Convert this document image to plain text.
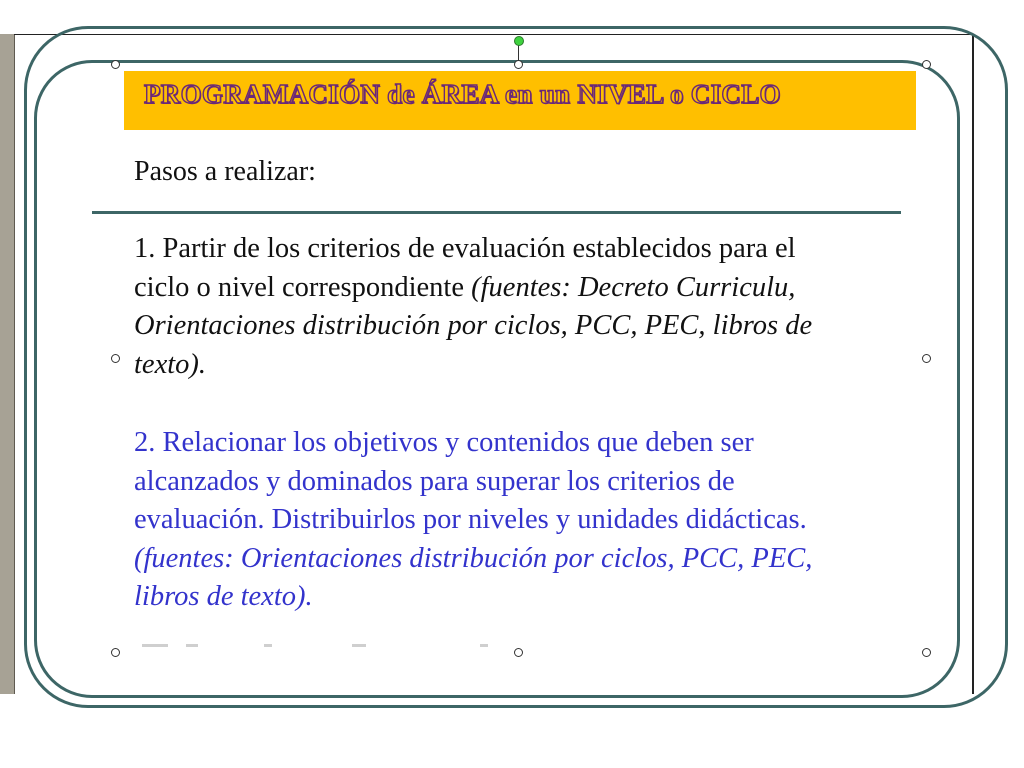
PROGRAMACIÓN de ÁREA en un NIVEL o CICLO
Pasos a realizar:
1. Partir de los criterios de evaluación establecidos para el
ciclo o nivel correspondiente (fuentes: Decreto Curriculu,
Orientaciones distribución por ciclos, PCC, PEC, libros de
texto).
2. Relacionar los objetivos y contenidos que deben ser
alcanzados y dominados para superar los criterios de
evaluación. Distribuirlos por niveles y unidades didácticas.
(fuentes: Orientaciones distribución por ciclos, PCC, PEC,
libros de texto).
